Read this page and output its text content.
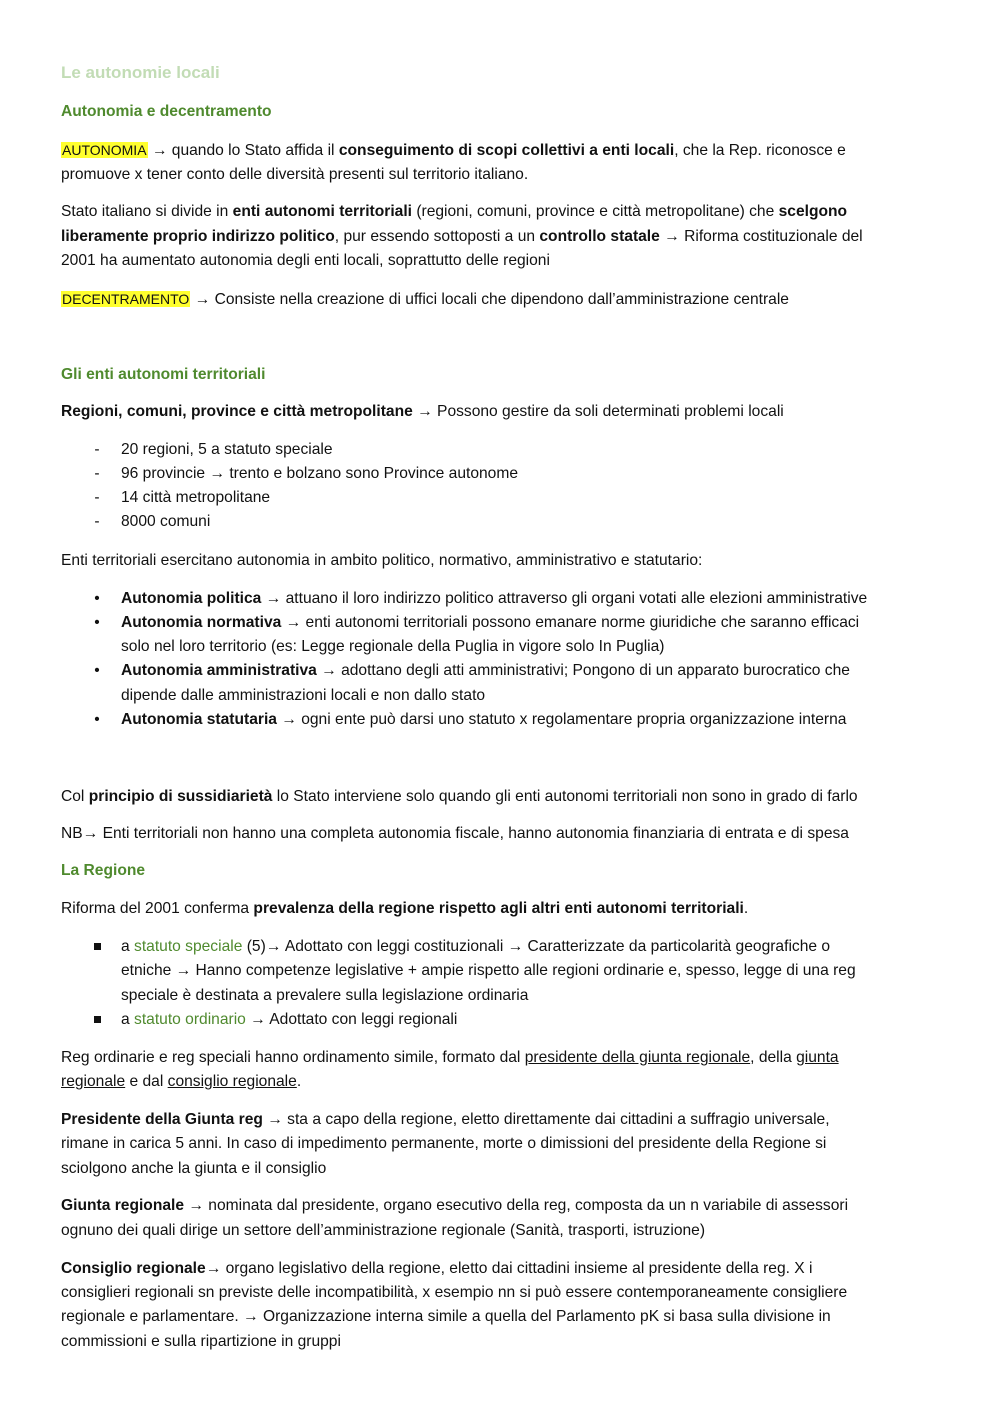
Le autonomie locali
Autonomia e decentramento
AUTONOMIA → quando lo Stato affida il conseguimento di scopi collettivi a enti locali, che la Rep. riconosce e
promuove x tener conto delle diversità presenti sul territorio italiano.
Stato italiano si divide in enti autonomi territoriali (regioni, comuni, province e città metropolitane) che scelgono
liberamente proprio indirizzo politico, pur essendo sottoposti a un controllo statale → Riforma costituzionale del
2001 ha aumentato autonomia degli enti locali, soprattutto delle regioni
DECENTRAMENTO → Consiste nella creazione di uffici locali che dipendono dall’amministrazione centrale
Gli enti autonomi territoriali
Regioni, comuni, province e città metropolitane → Possono gestire da soli determinati problemi locali
- 20 regioni, 5 a statuto speciale
- 96 provincie → trento e bolzano sono Province autonome
- 14 città metropolitane
- 8000 comuni
Enti territoriali esercitano autonomia in ambito politico, normativo, amministrativo e statutario:
• Autonomia politica → attuano il loro indirizzo politico attraverso gli organi votati alle elezioni amministrative
• Autonomia normativa → enti autonomi territoriali possono emanare norme giuridiche che saranno efficaci
solo nel loro territorio (es: Legge regionale della Puglia in vigore solo In Puglia)
• Autonomia amministrativa → adottano degli atti amministrativi; Pongono di un apparato burocratico che
dipende dalle amministrazioni locali e non dallo stato
• Autonomia statutaria → ogni ente può darsi uno statuto x regolamentare propria organizzazione interna
Col principio di sussidiarietà lo Stato interviene solo quando gli enti autonomi territoriali non sono in grado di farlo
NB→ Enti territoriali non hanno una completa autonomia fiscale, hanno autonomia finanziaria di entrata e di spesa
La Regione
Riforma del 2001 conferma prevalenza della regione rispetto agli altri enti autonomi territoriali.
a statuto speciale (5)→ Adottato con leggi costituzionali → Caratterizzate da particolarità geografiche o
etniche → Hanno competenze legislative + ampie rispetto alle regioni ordinarie e, spesso, legge di una reg
speciale è destinata a prevalere sulla legislazione ordinaria
a statuto ordinario → Adottato con leggi regionali
Reg ordinarie e reg speciali hanno ordinamento simile, formato dal presidente della giunta regionale, della giunta
regionale e dal consiglio regionale.
Presidente della Giunta reg → sta a capo della regione, eletto direttamente dai cittadini a suffragio universale,
rimane in carica 5 anni. In caso di impedimento permanente, morte o dimissioni del presidente della Regione si
sciolgono anche la giunta e il consiglio
Giunta regionale → nominata dal presidente, organo esecutivo della reg, composta da un n variabile di assessori
ognuno dei quali dirige un settore dell’amministrazione regionale (Sanità, trasporti, istruzione)
Consiglio regionale→ organo legislativo della regione, eletto dai cittadini insieme al presidente della reg. X i
consiglieri regionali sn previste delle incompatibilità, x esempio nn si può essere contemporaneamente consigliere
regionale e parlamentare. → Organizzazione interna simile a quella del Parlamento pK si basa sulla divisione in
commissioni e sulla ripartizione in gruppi
